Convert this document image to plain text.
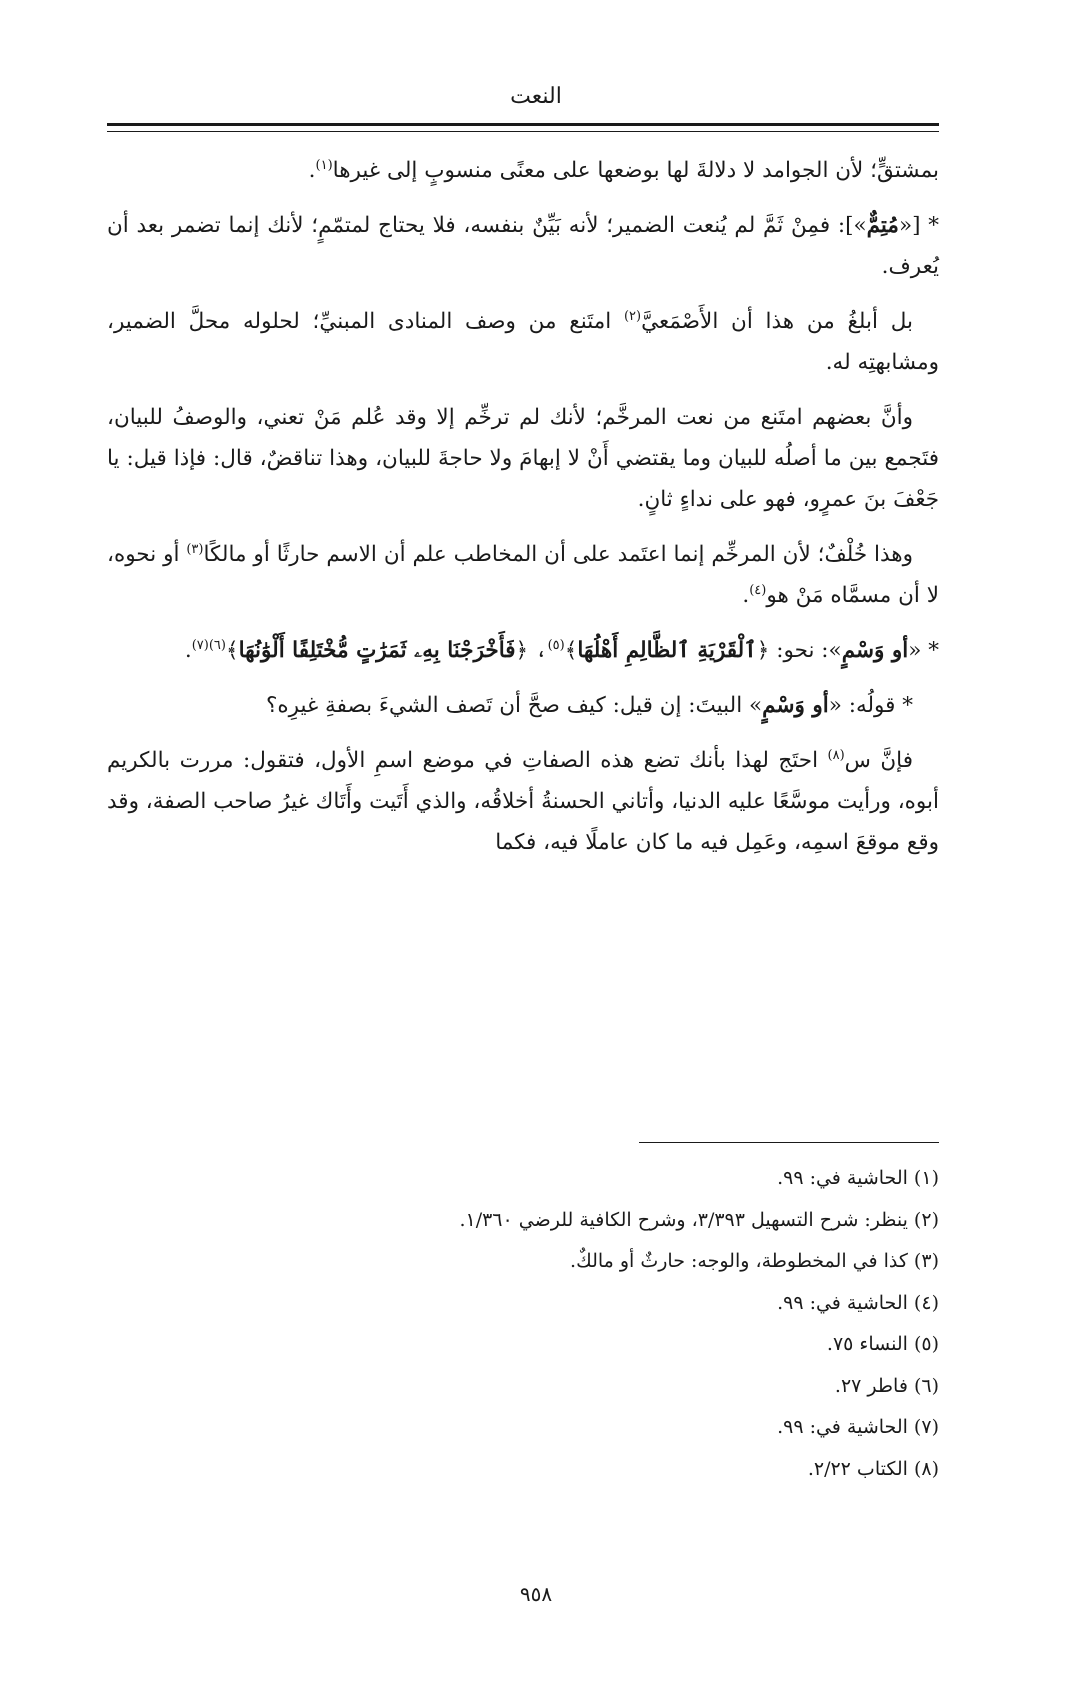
النعت

بمشتقٍّ؛ لأن الجوامد لا دلالةَ لها بوضعها على معنًى منسوبٍ إلى غيرها$^{(١)}$.

* [«مُتِمٌّ»]: فمِنْ ثَمَّ لم يُنعت الضمير؛ لأنه بَيِّنٌ بنفسه، فلا يحتاج لمتمّمٍ؛ لأنك إنما تضمر بعد أن يُعرف.

بل أبلغُ من هذا أن الأَصْمَعيَّ$^{(٢)}$ امتَنع من وصف المنادى المبنيِّ؛ لحلوله محلَّ الضمير، ومشابهتِه له.

وأنَّ بعضهم امتَنع من نعت المرخَّم؛ لأنك لم ترخِّم إلا وقد عُلم مَنْ تعني، والوصفُ للبيان، فتَجمع بين ما أصلُه للبيان وما يقتضي أَنْ لا إبهامَ ولا حاجةَ للبيان، وهذا تناقضٌ، قال: فإذا قيل: يا جَعْفَ بنَ عمرٍو، فهو على نداءٍ ثانٍ.

وهذا خُلْفٌ؛ لأن المرخِّم إنما اعتَمد على أن المخاطب علم أن الاسم حارثًا أو مالكًا$^{(٣)}$ أو نحوه، لا أن مسمَّاه مَنْ هو$^{(٤)}$.

* «أو وَسْمٍ»: نحو: ﴿ٱلْقَرْيَةِ ٱلظَّالِمِ أَهْلُهَا﴾$^{(٥)}$، ﴿فَأَخْرَجْنَا بِهِۦ ثَمَرَٰتٍ مُّخْتَلِفًا أَلْوَٰنُهَا﴾$^{(٦)(٧)}$.

* قولُه: «أو وَسْمٍ» البيتَ: إن قيل: كيف صحَّ أن تَصف الشيءَ بصفةِ غيرِه؟

فإنَّ س$^{(٨)}$ احتَج لهذا بأنك تضع هذه الصفاتِ في موضع اسمِ الأول، فتقول: مررت بالكريم أبوه، ورأيت موسَّعًا عليه الدنيا، وأتاني الحسنةُ أخلاقُه، والذي أَتَيت وأَتَاك غيرُ صاحب الصفة، وقد وقع موقعَ اسمِه، وعَمِل فيه ما كان عاملًا فيه، فكما

(١) الحاشية في: ٩٩.
(٢) ينظر: شرح التسهيل ٣/٣٩٣، وشرح الكافية للرضي ١/٣٦٠.
(٣) كذا في المخطوطة، والوجه: حارثٌ أو مالكٌ.
(٤) الحاشية في: ٩٩.
(٥) النساء ٧٥.
(٦) فاطر ٢٧.
(٧) الحاشية في: ٩٩.
(٨) الكتاب ٢/٢٢.
٩٥٨
